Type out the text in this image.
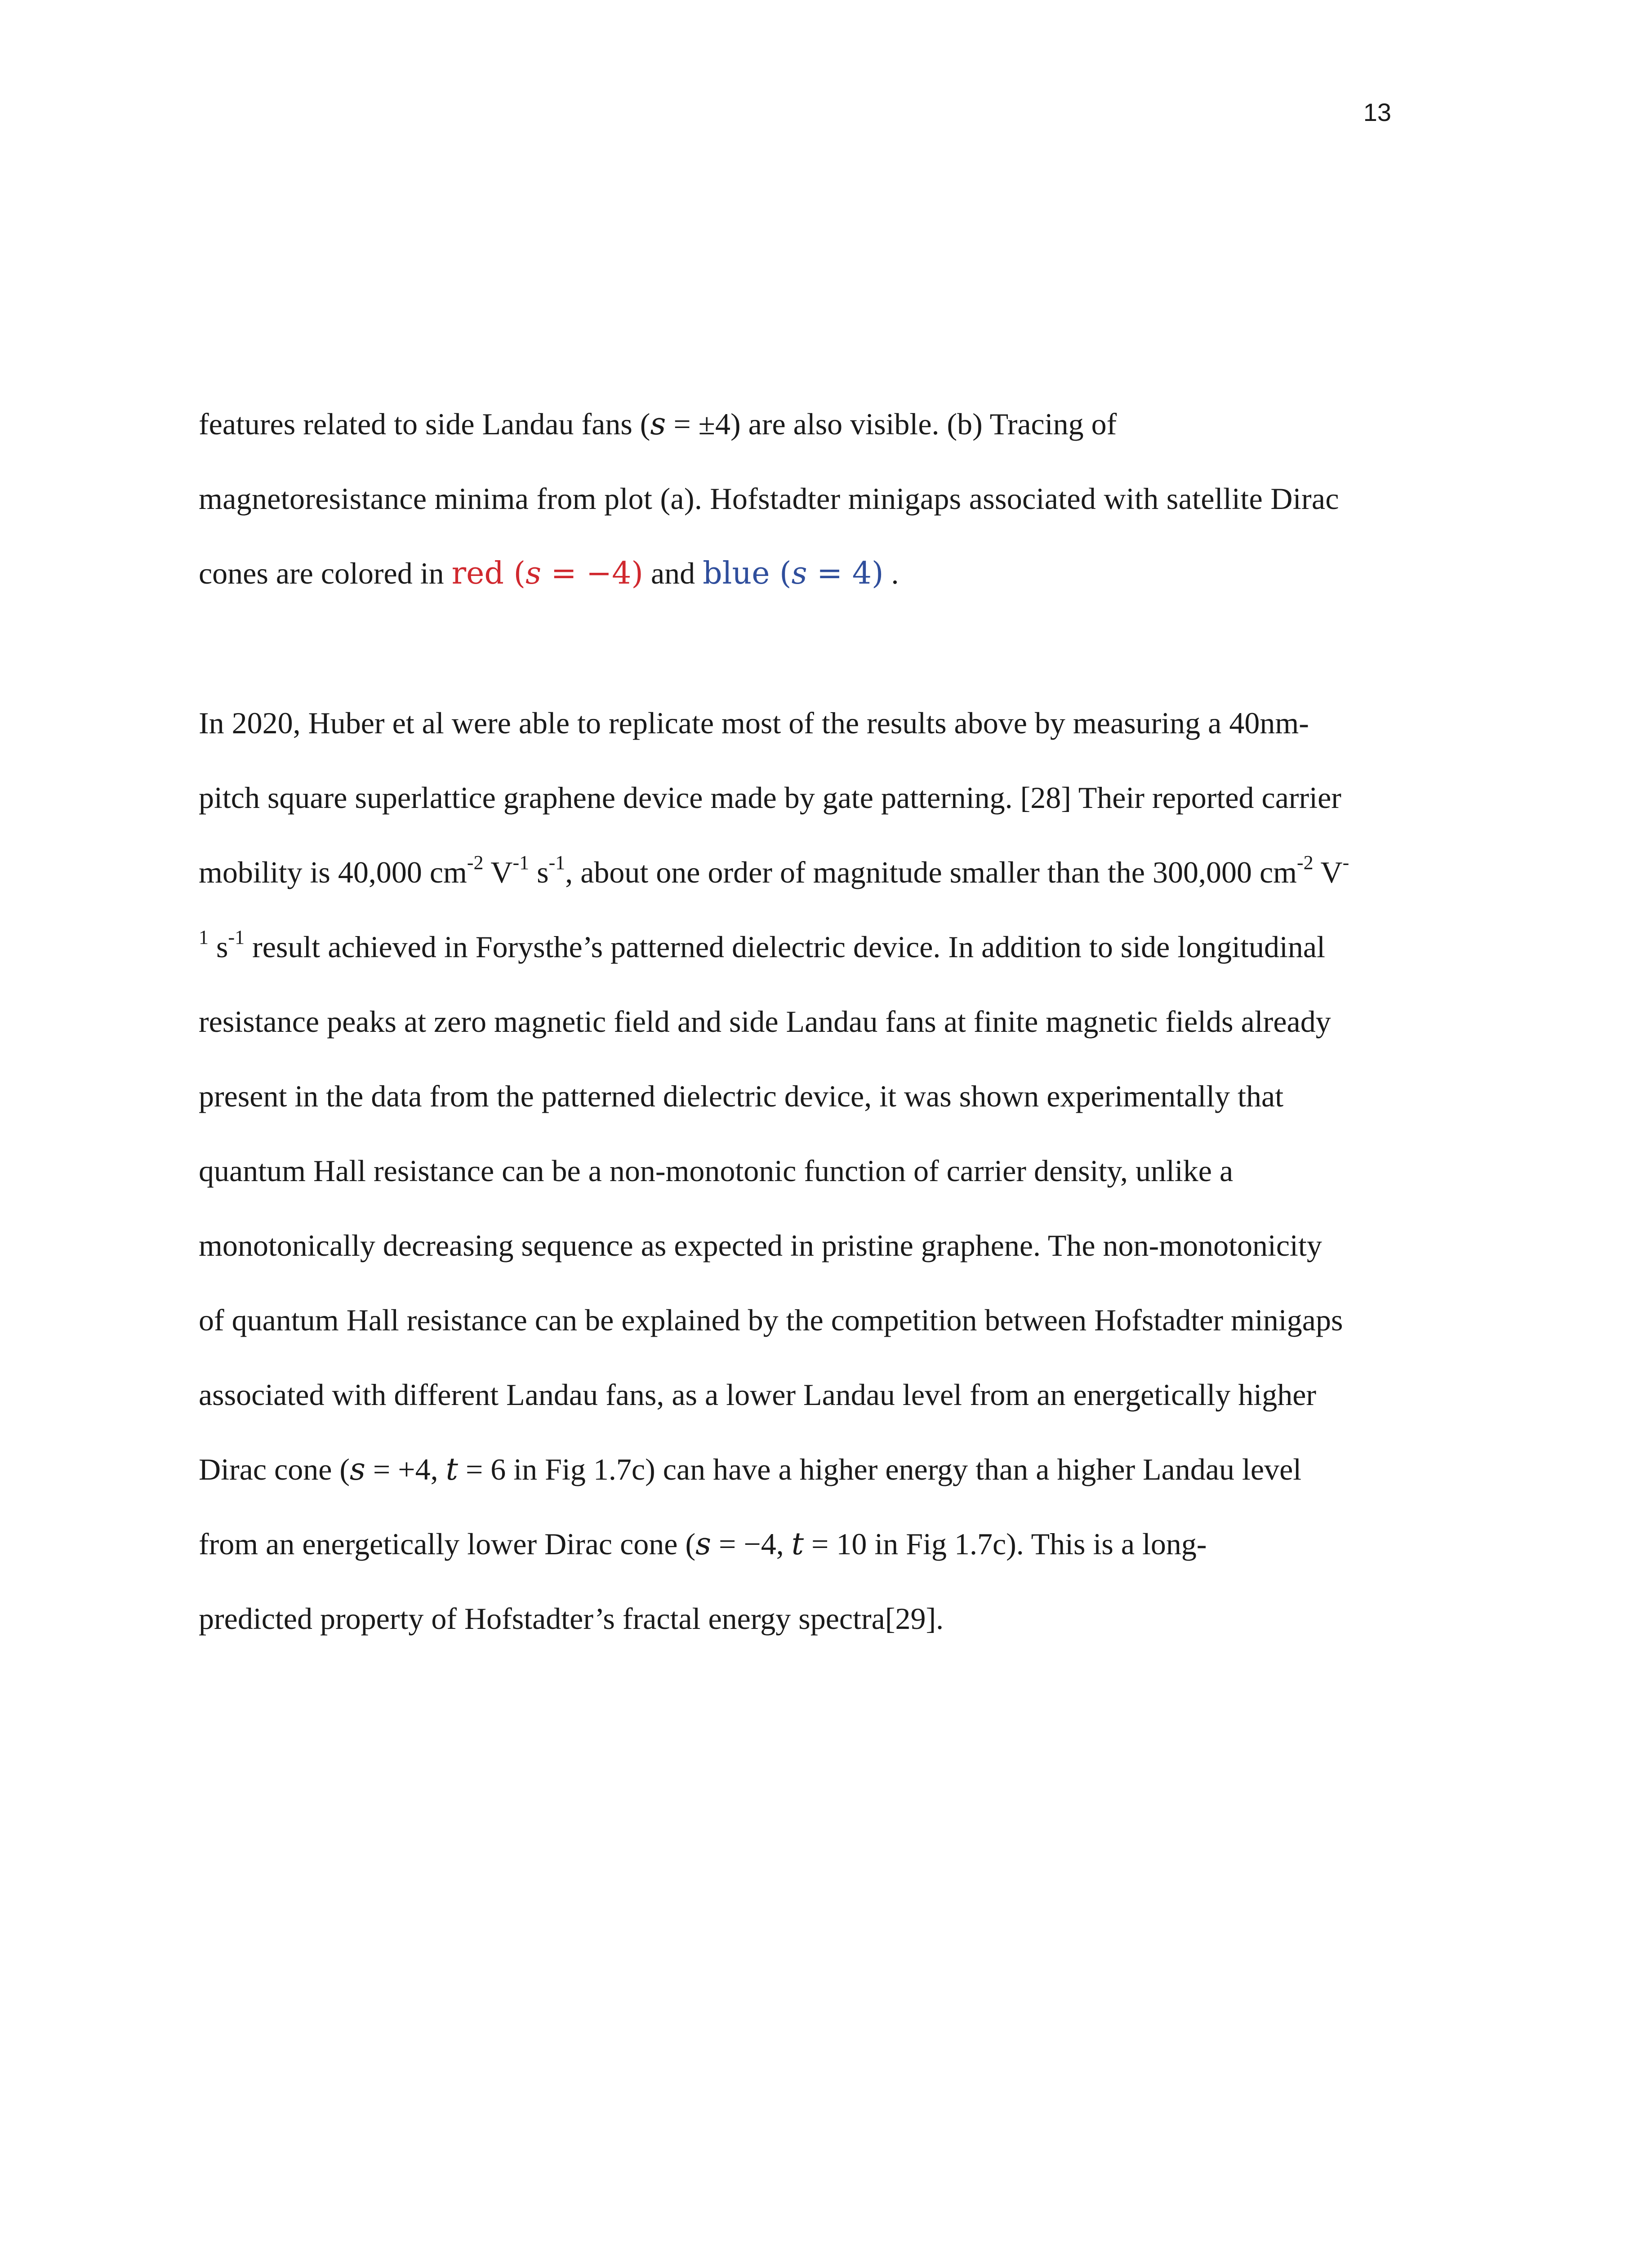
13
features related to side Landau fans (𝑠 = ±4) are also visible. (b) Tracing of
magnetoresistance minima from plot (a). Hofstadter minigaps associated with satellite Dirac
cones are colored in red (𝑠 = −4) and blue (𝑠 = 4) .
In 2020, Huber et al were able to replicate most of the results above by measuring a 40nm-
pitch square superlattice graphene device made by gate patterning. [28] Their reported carrier
mobility is 40,000 $cm^{-2}$ $V^{-1}$ $s^{-1}$, about one order of magnitude smaller than the 300,000 $cm^{-2}$ V-
$^1$ $s^{-1}$ result achieved in Forysthe’s patterned dielectric device. In addition to side longitudinal
resistance peaks at zero magnetic field and side Landau fans at finite magnetic fields already
present in the data from the patterned dielectric device, it was shown experimentally that
quantum Hall resistance can be a non-monotonic function of carrier density, unlike a
monotonically decreasing sequence as expected in pristine graphene. The non-monotonicity
of quantum Hall resistance can be explained by the competition between Hofstadter minigaps
associated with different Landau fans, as a lower Landau level from an energetically higher
Dirac cone (𝑠 = +4, 𝑡 = 6 in Fig 1.7c) can have a higher energy than a higher Landau level
from an energetically lower Dirac cone (𝑠 = −4, 𝑡 = 10 in Fig 1.7c). This is a long-
predicted property of Hofstadter’s fractal energy spectra[29].
